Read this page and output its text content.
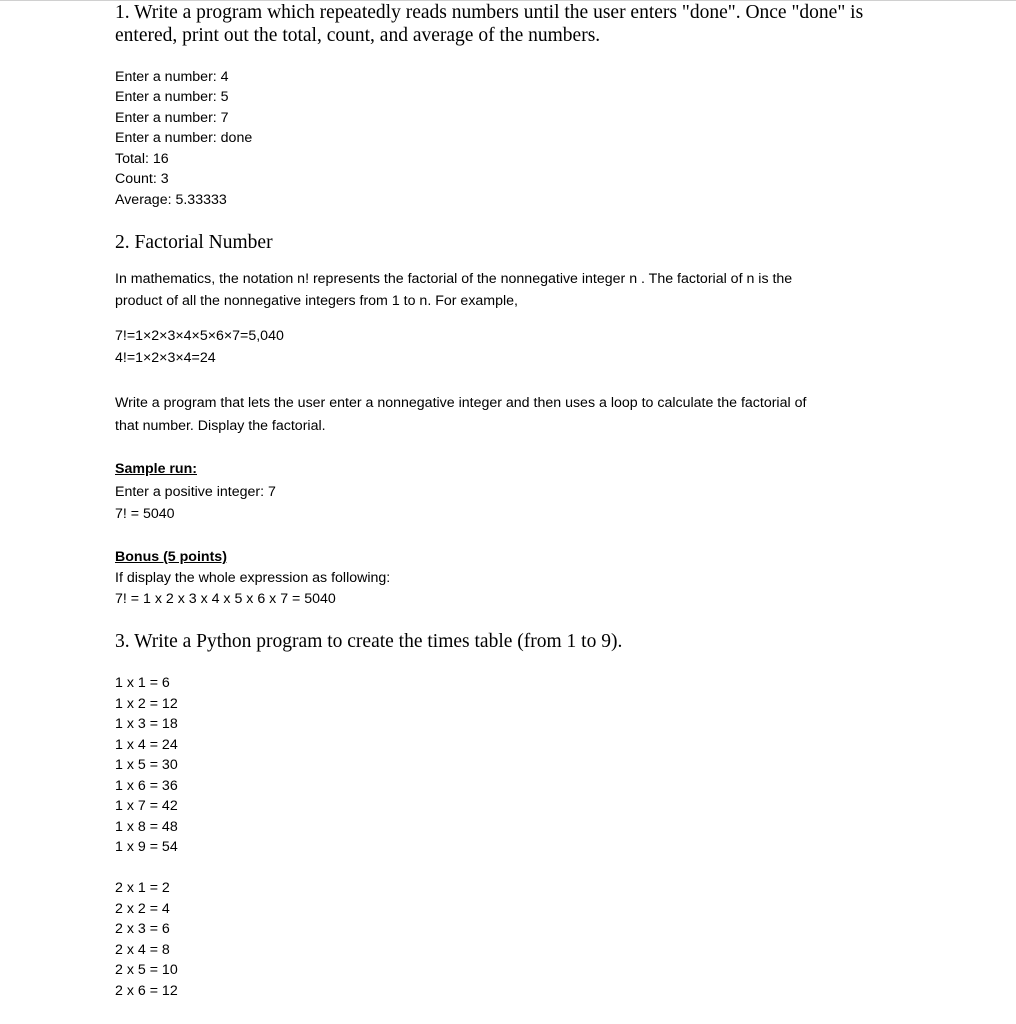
1. Write a program which repeatedly reads numbers until the user enters "done". Once "done" is
entered, print out the total, count, and average of the numbers.
Enter a number: 4
Enter a number: 5
Enter a number: 7
Enter a number: done
Total: 16
Count: 3
Average: 5.33333
2. Factorial Number
In mathematics, the notation n! represents the factorial of the nonnegative integer n . The factorial of n is the
product of all the nonnegative integers from 1 to n. For example,
7!=1×2×3×4×5×6×7=5,040
4!=1×2×3×4=24
Write a program that lets the user enter a nonnegative integer and then uses a loop to calculate the factorial of
that number. Display the factorial.
Sample run:
Enter a positive integer: 7
7! = 5040
Bonus (5 points)
If display the whole expression as following:
7! = 1 x 2 x 3 x 4 x 5 x 6 x 7 = 5040
3. Write a Python program to create the times table (from 1 to 9).
1 x 1 = 6
1 x 2 = 12
1 x 3 = 18
1 x 4 = 24
1 x 5 = 30
1 x 6 = 36
1 x 7 = 42
1 x 8 = 48
1 x 9 = 54
2 x 1 = 2
2 x 2 = 4
2 x 3 = 6
2 x 4 = 8
2 x 5 = 10
2 x 6 = 12
